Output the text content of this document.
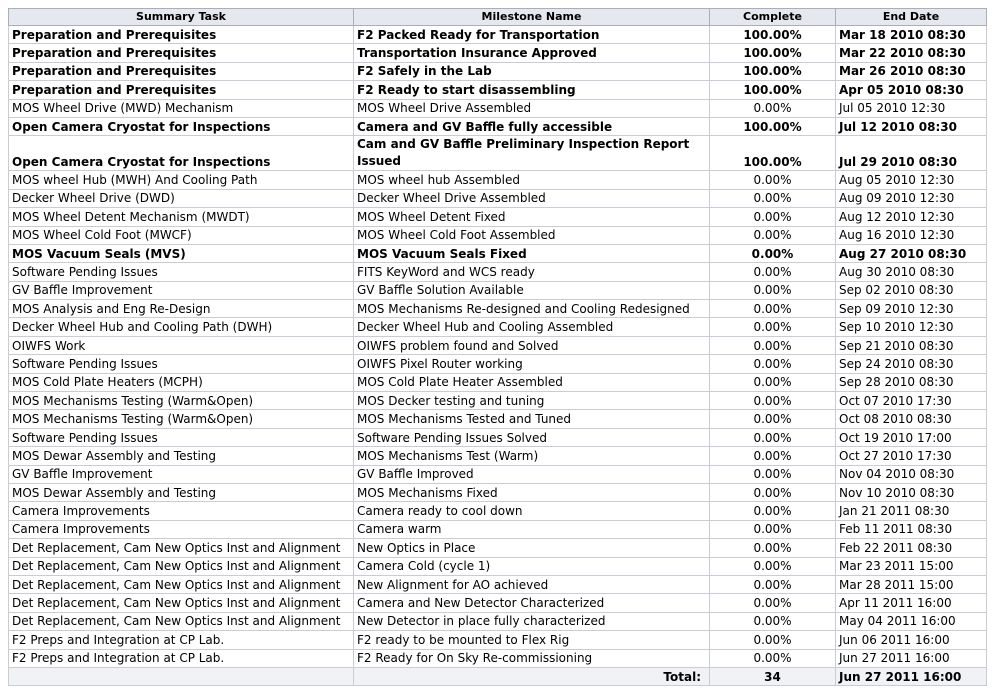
Summary Task	Milestone Name	Complete	End Date
Preparation and Prerequisites	F2 Packed Ready for Transportation	100.00%	Mar 18 2010 08:30
Preparation and Prerequisites	Transportation Insurance Approved	100.00%	Mar 22 2010 08:30
Preparation and Prerequisites	F2 Safely in the Lab	100.00%	Mar 26 2010 08:30
Preparation and Prerequisites	F2 Ready to start disassembling	100.00%	Apr 05 2010 08:30
MOS Wheel Drive (MWD) Mechanism	MOS Wheel Drive Assembled	0.00%	Jul 05 2010 12:30
Open Camera Cryostat for Inspections	Camera and GV Baffle fully accessible	100.00%	Jul 12 2010 08:30
Open Camera Cryostat for Inspections	Cam and GV Baffle Preliminary Inspection Report Issued	100.00%	Jul 29 2010 08:30
MOS wheel Hub (MWH) And Cooling Path	MOS wheel hub Assembled	0.00%	Aug 05 2010 12:30
Decker Wheel Drive (DWD)	Decker Wheel Drive Assembled	0.00%	Aug 09 2010 12:30
MOS Wheel Detent Mechanism (MWDT)	MOS Wheel Detent Fixed	0.00%	Aug 12 2010 12:30
MOS Wheel Cold Foot (MWCF)	MOS Wheel Cold Foot Assembled	0.00%	Aug 16 2010 12:30
MOS Vacuum Seals (MVS)	MOS Vacuum Seals Fixed	0.00%	Aug 27 2010 08:30
Software Pending Issues	FITS KeyWord and WCS ready	0.00%	Aug 30 2010 08:30
GV Baffle Improvement	GV Baffle Solution Available	0.00%	Sep 02 2010 08:30
MOS Analysis and Eng Re-Design	MOS Mechanisms Re-designed and Cooling Redesigned	0.00%	Sep 09 2010 12:30
Decker Wheel Hub and Cooling Path (DWH)	Decker Wheel Hub and Cooling Assembled	0.00%	Sep 10 2010 12:30
OIWFS Work	OIWFS problem found and Solved	0.00%	Sep 21 2010 08:30
Software Pending Issues	OIWFS Pixel Router working	0.00%	Sep 24 2010 08:30
MOS Cold Plate Heaters (MCPH)	MOS Cold Plate Heater Assembled	0.00%	Sep 28 2010 08:30
MOS Mechanisms Testing (Warm&Open)	MOS Decker testing and tuning	0.00%	Oct 07 2010 17:30
MOS Mechanisms Testing (Warm&Open)	MOS Mechanisms Tested and Tuned	0.00%	Oct 08 2010 08:30
Software Pending Issues	Software Pending Issues Solved	0.00%	Oct 19 2010 17:00
MOS Dewar Assembly and Testing	MOS Mechanisms Test (Warm)	0.00%	Oct 27 2010 17:30
GV Baffle Improvement	GV Baffle Improved	0.00%	Nov 04 2010 08:30
MOS Dewar Assembly and Testing	MOS Mechanisms Fixed	0.00%	Nov 10 2010 08:30
Camera Improvements	Camera ready to cool down	0.00%	Jan 21 2011 08:30
Camera Improvements	Camera warm	0.00%	Feb 11 2011 08:30
Det Replacement, Cam New Optics Inst and Alignment	New Optics in Place	0.00%	Feb 22 2011 08:30
Det Replacement, Cam New Optics Inst and Alignment	Camera Cold (cycle 1)	0.00%	Mar 23 2011 15:00
Det Replacement, Cam New Optics Inst and Alignment	New Alignment for AO achieved	0.00%	Mar 28 2011 15:00
Det Replacement, Cam New Optics Inst and Alignment	Camera and New Detector Characterized	0.00%	Apr 11 2011 16:00
Det Replacement, Cam New Optics Inst and Alignment	New Detector in place fully characterized	0.00%	May 04 2011 16:00
F2 Preps and Integration at CP Lab.	F2 ready to be mounted to Flex Rig	0.00%	Jun 06 2011 16:00
F2 Preps and Integration at CP Lab.	F2 Ready for On Sky Re-commissioning	0.00%	Jun 27 2011 16:00
	Total:	34	Jun 27 2011 16:00
